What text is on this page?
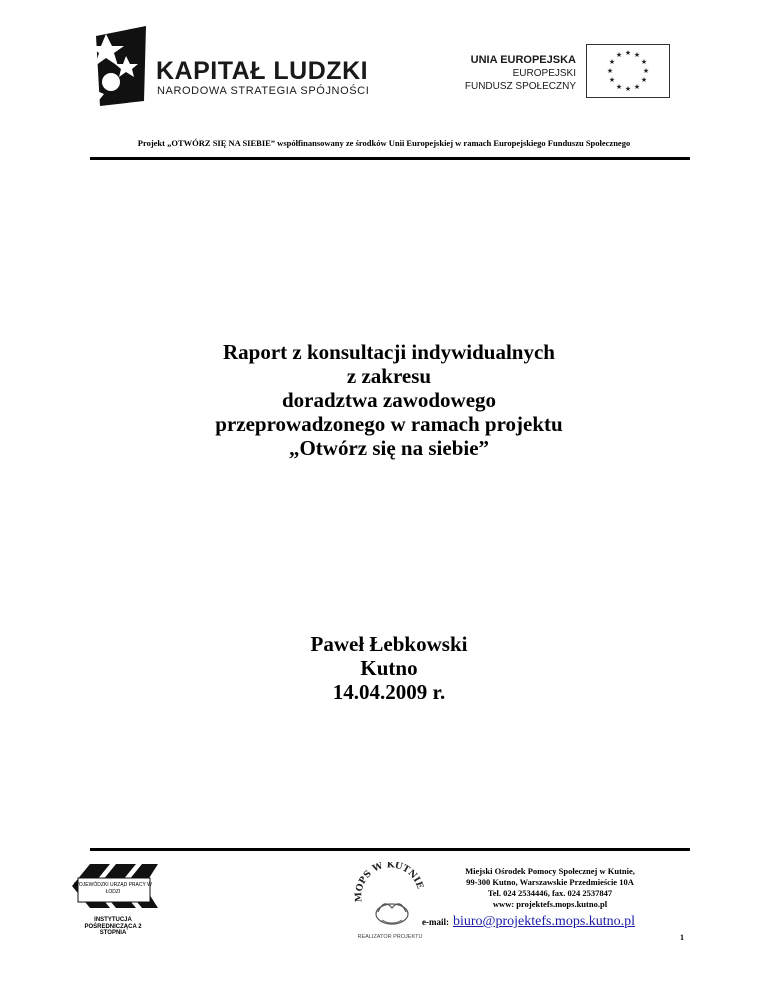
KAPITAŁ LUDZKI
NARODOWA STRATEGIA SPÓJNOŚCI
UNIA EUROPEJSKA
EUROPEJSKI
FUNDUSZ SPOŁECZNY
★ ★
★
★
★
★
★
★
★
★
★
★
Projekt „OTWÓRZ SIĘ NA SIEBIE” współfinansowany ze środków Unii Europejskiej w ramach Europejskiego Funduszu Społecznego
Raport z konsultacji indywidualnych
z zakresu
doradztwa zawodowego
przeprowadzonego w ramach projektu
„Otwórz się na siebie”
Paweł Łebkowski
Kutno
14.04.2009 r.
WOJEWÓDZKI URZĄD PRACY W ŁODZI
INSTYTUCJA POŚREDNICZĄCA 2 STOPNIA
MOPS W KUTNIE
REALIZATOR PROJEKTU
Miejski Ośrodek Pomocy Społecznej w Kutnie,
99-300 Kutno, Warszawskie Przedmieście 10A
Tel. 024 2534446, fax. 024 2537847
www: projektefs.mops.kutno.pl
e-mail: biuro@projektefs.mops.kutno.pl
1
